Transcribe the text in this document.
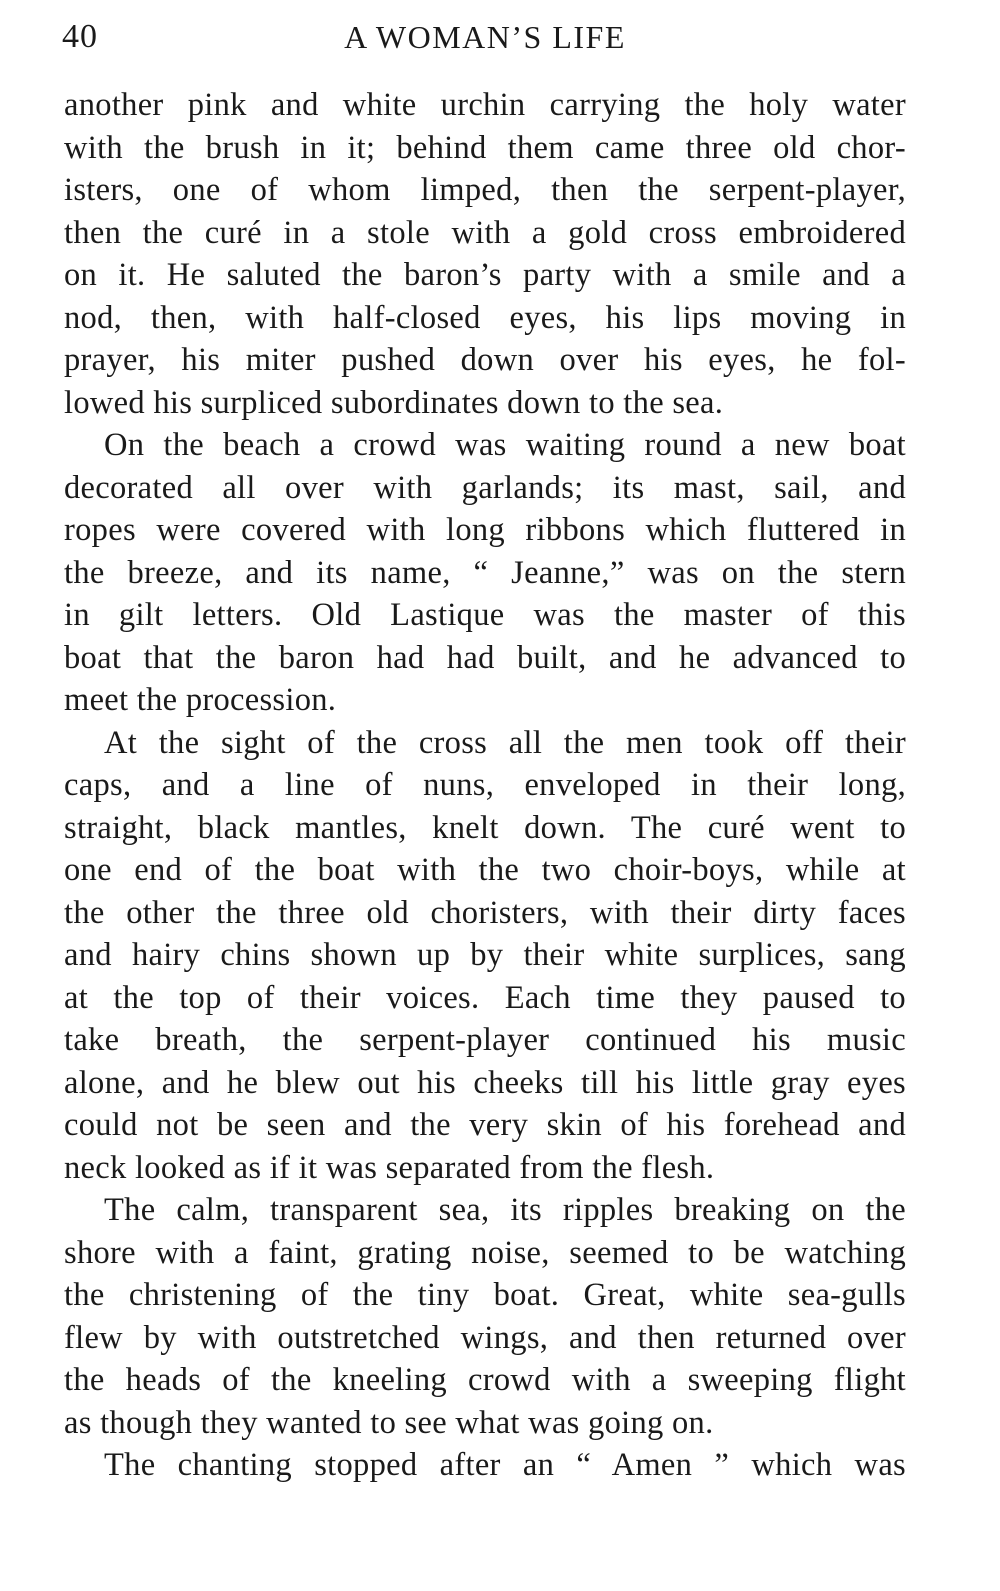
40	A WOMAN’S LIFE
another pink and white urchin carrying the holy water
with the brush in it; behind them came three old chor-
isters, one of whom limped, then the serpent-player,
then the curé in a stole with a gold cross embroidered
on it. He saluted the baron’s party with a smile and a
nod, then, with half-closed eyes, his lips moving in
prayer, his miter pushed down over his eyes, he fol-
lowed his surpliced subordinates down to the sea.
On the beach a crowd was waiting round a new boat
decorated all over with garlands; its mast, sail, and
ropes were covered with long ribbons which fluttered in
the breeze, and its name, “ Jeanne,” was on the stern
in gilt letters. Old Lastique was the master of this
boat that the baron had had built, and he advanced to
meet the procession.
At the sight of the cross all the men took off their
caps, and a line of nuns, enveloped in their long,
straight, black mantles, knelt down. The curé went to
one end of the boat with the two choir-boys, while at
the other the three old choristers, with their dirty faces
and hairy chins shown up by their white surplices, sang
at the top of their voices. Each time they paused to
take breath, the serpent-player continued his music
alone, and he blew out his cheeks till his little gray eyes
could not be seen and the very skin of his forehead and
neck looked as if it was separated from the flesh.
The calm, transparent sea, its ripples breaking on the
shore with a faint, grating noise, seemed to be watching
the christening of the tiny boat. Great, white sea-gulls
flew by with outstretched wings, and then returned over
the heads of the kneeling crowd with a sweeping flight
as though they wanted to see what was going on.
The chanting stopped after an “ Amen ” which was
